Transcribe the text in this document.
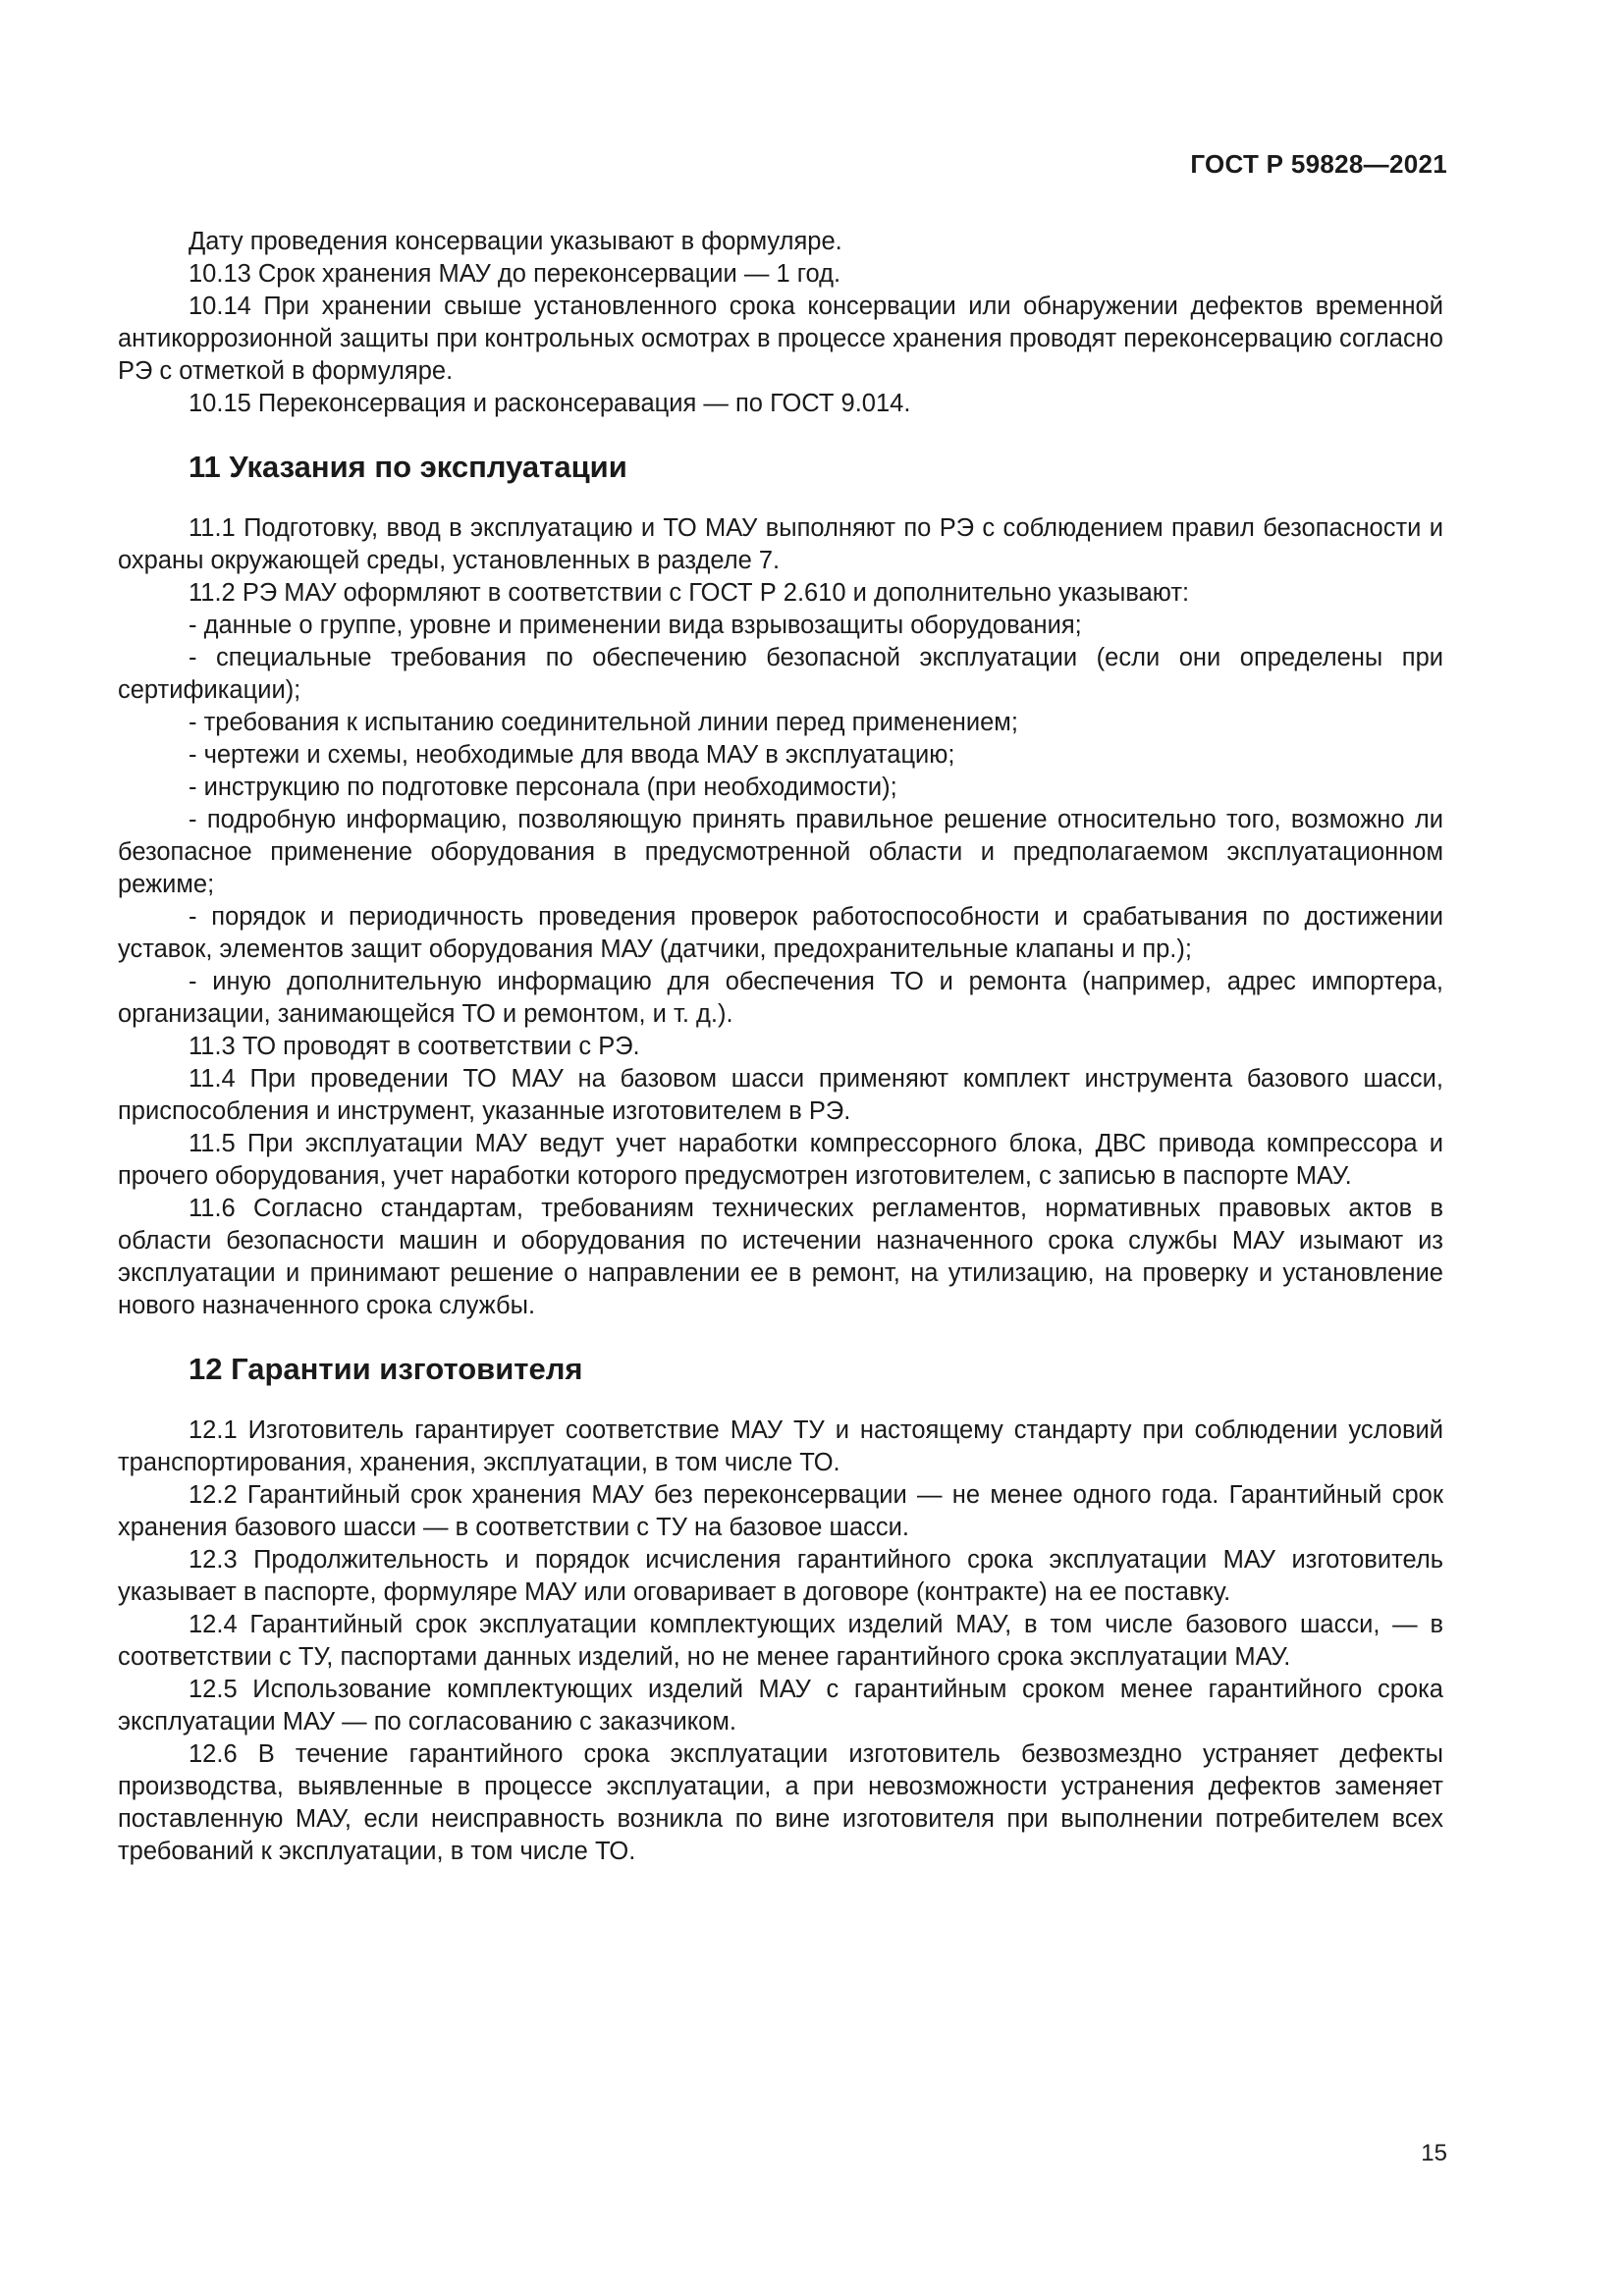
ГОСТ Р 59828—2021

Дату проведения консервации указывают в формуляре.

10.13 Срок хранения МАУ до переконсервации — 1 год.

10.14 При хранении свыше установленного срока консервации или обнаружении дефектов временной антикоррозионной защиты при контрольных осмотрах в процессе хранения проводят переконсервацию согласно РЭ с отметкой в формуляре.

10.15 Переконсервация и расконсеравация — по ГОСТ 9.014.

11 Указания по эксплуатации

11.1 Подготовку, ввод в эксплуатацию и ТО МАУ выполняют по РЭ с соблюдением правил безопасности и охраны окружающей среды, установленных в разделе 7.

11.2 РЭ МАУ оформляют в соответствии с ГОСТ Р 2.610 и дополнительно указывают:

- данные о группе, уровне и применении вида взрывозащиты оборудования;

- специальные требования по обеспечению безопасной эксплуатации (если они определены при сертификации);

- требования к испытанию соединительной линии перед применением;

- чертежи и схемы, необходимые для ввода МАУ в эксплуатацию;

- инструкцию по подготовке персонала (при необходимости);

- подробную информацию, позволяющую принять правильное решение относительно того, возможно ли безопасное применение оборудования в предусмотренной области и предполагаемом эксплуатационном режиме;

- порядок и периодичность проведения проверок работоспособности и срабатывания по достижении уставок, элементов защит оборудования МАУ (датчики, предохранительные клапаны и пр.);

- иную дополнительную информацию для обеспечения ТО и ремонта (например, адрес импортера, организации, занимающейся ТО и ремонтом, и т. д.).

11.3 ТО проводят в соответствии с РЭ.

11.4 При проведении ТО МАУ на базовом шасси применяют комплект инструмента базового шасси, приспособления и инструмент, указанные изготовителем в РЭ.

11.5 При эксплуатации МАУ ведут учет наработки компрессорного блока, ДВС привода компрессора и прочего оборудования, учет наработки которого предусмотрен изготовителем, с записью в паспорте МАУ.

11.6 Согласно стандартам, требованиям технических регламентов, нормативных правовых актов в области безопасности машин и оборудования по истечении назначенного срока службы МАУ изымают из эксплуатации и принимают решение о направлении ее в ремонт, на утилизацию, на проверку и установление нового назначенного срока службы.

12 Гарантии изготовителя

12.1 Изготовитель гарантирует соответствие МАУ ТУ и настоящему стандарту при соблюдении условий транспортирования, хранения, эксплуатации, в том числе ТО.

12.2 Гарантийный срок хранения МАУ без переконсервации — не менее одного года. Гарантийный срок хранения базового шасси — в соответствии с ТУ на базовое шасси.

12.3 Продолжительность и порядок исчисления гарантийного срока эксплуатации МАУ изготовитель указывает в паспорте, формуляре МАУ или оговаривает в договоре (контракте) на ее поставку.

12.4 Гарантийный срок эксплуатации комплектующих изделий МАУ, в том числе базового шасси, — в соответствии с ТУ, паспортами данных изделий, но не менее гарантийного срока эксплуатации МАУ.

12.5 Использование комплектующих изделий МАУ с гарантийным сроком менее гарантийного срока эксплуатации МАУ — по согласованию с заказчиком.

12.6 В течение гарантийного срока эксплуатации изготовитель безвозмездно устраняет дефекты производства, выявленные в процессе эксплуатации, а при невозможности устранения дефектов заменяет поставленную МАУ, если неисправность возникла по вине изготовителя при выполнении потребителем всех требований к эксплуатации, в том числе ТО.

15
